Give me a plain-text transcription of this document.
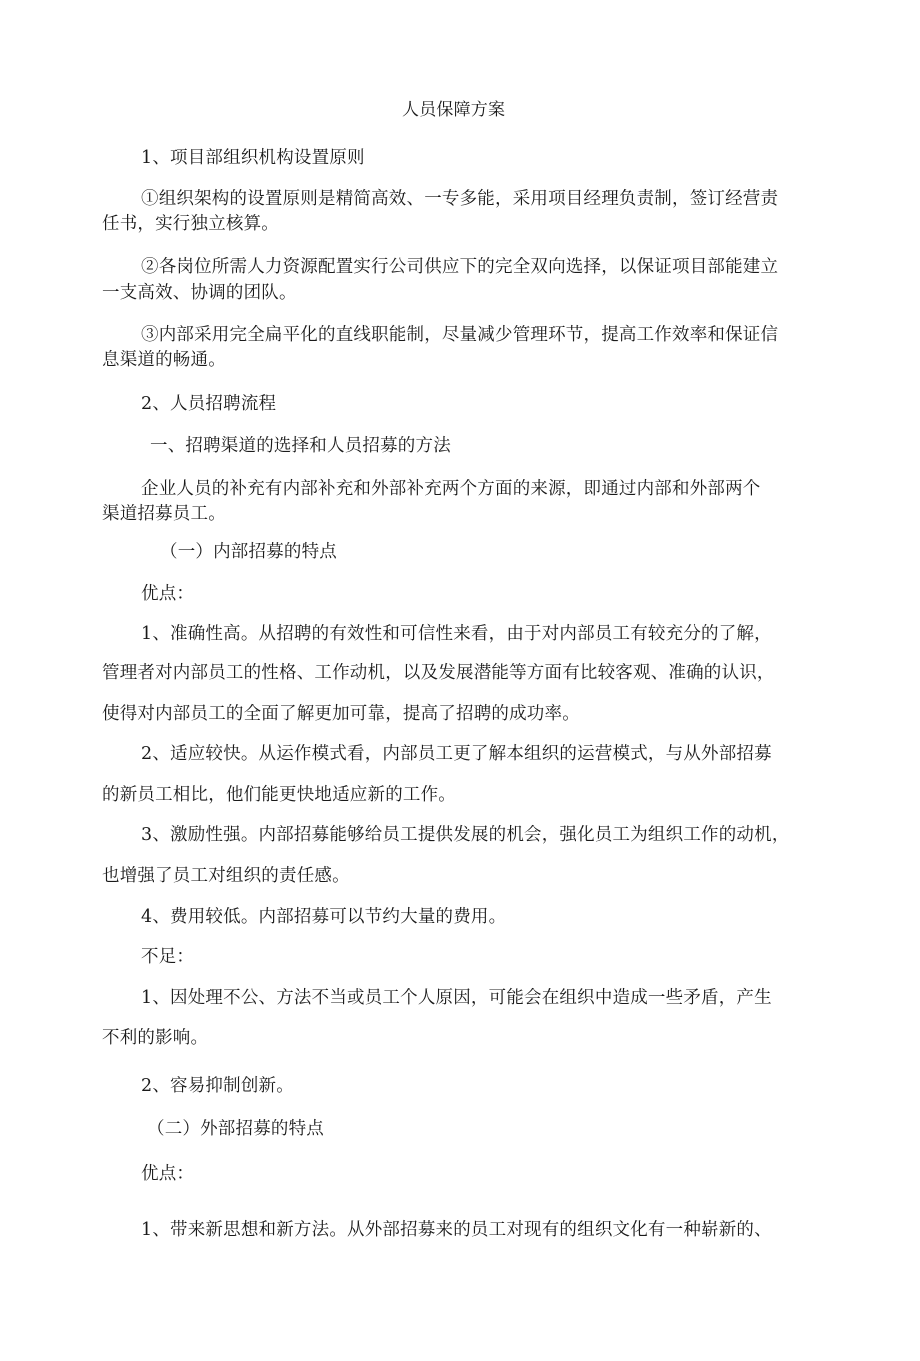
人员保障方案
1、项目部组织机构设置原则
①组织架构的设置原则是精简高效、一专多能，采用项目经理负责制，签订经营责
任书，实行独立核算。
②各岗位所需人力资源配置实行公司供应下的完全双向选择，以保证项目部能建立
一支高效、协调的团队。
③内部采用完全扁平化的直线职能制，尽量减少管理环节，提高工作效率和保证信
息渠道的畅通。
2、人员招聘流程
一、招聘渠道的选择和人员招募的方法
企业人员的补充有内部补充和外部补充两个方面的来源，即通过内部和外部两个
渠道招募员工。
（一）内部招募的特点
优点：
1、准确性高。从招聘的有效性和可信性来看，由于对内部员工有较充分的了解，
管理者对内部员工的性格、工作动机，以及发展潜能等方面有比较客观、准确的认识，
使得对内部员工的全面了解更加可靠，提高了招聘的成功率。
2、适应较快。从运作模式看，内部员工更了解本组织的运营模式，与从外部招募
的新员工相比，他们能更快地适应新的工作。
3、激励性强。内部招募能够给员工提供发展的机会，强化员工为组织工作的动机，
也增强了员工对组织的责任感。
4、费用较低。内部招募可以节约大量的费用。
不足：
1、因处理不公、方法不当或员工个人原因，可能会在组织中造成一些矛盾，产生
不利的影响。
2、容易抑制创新。
（二）外部招募的特点
优点：
1、带来新思想和新方法。从外部招募来的员工对现有的组织文化有一种崭新的、
